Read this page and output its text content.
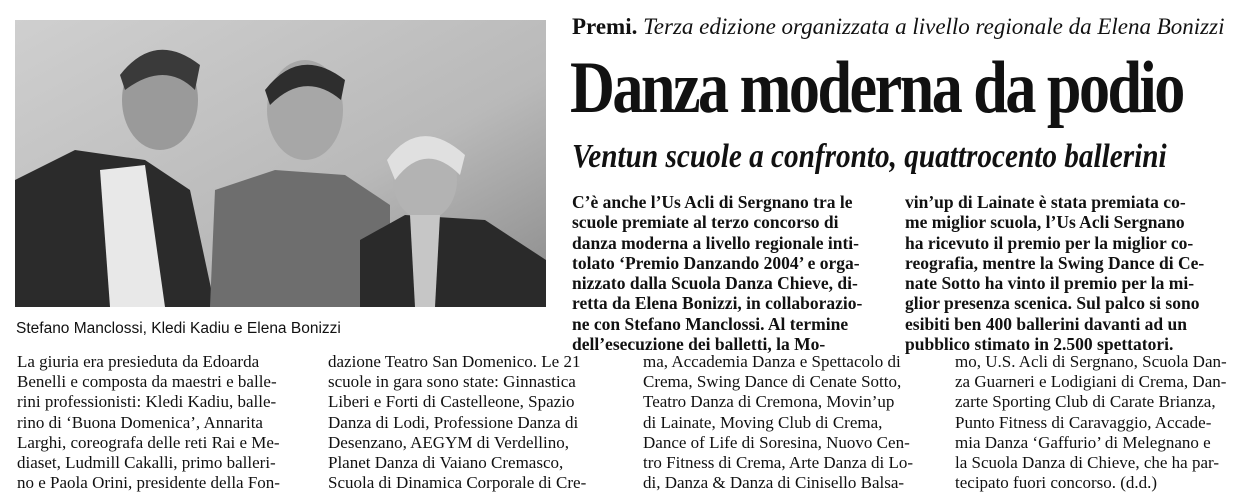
Stefano Manclossi, Kledi Kadiu e Elena Bonizzi
Premi. Terza edizione organizzata a livello regionale da Elena Bonizzi
Danza moderna da podio
Ventun scuole a confronto, quattrocento ballerini
C’è anche l’Us Acli di Sergnano tra le
scuole premiate al terzo concorso di
danza moderna a livello regionale inti-
tolato ‘Premio Danzando 2004’ e orga-
nizzato dalla Scuola Danza Chieve, di-
retta da Elena Bonizzi, in collaborazio-
ne con Stefano Manclossi. Al termine
dell’esecuzione dei balletti, la Mo-
vin’up di Lainate è stata premiata co-
me miglior scuola, l’Us Acli Sergnano
ha ricevuto il premio per la miglior co-
reografia, mentre la Swing Dance di Ce-
nate Sotto ha vinto il premio per la mi-
glior presenza scenica. Sul palco si sono
esibiti ben 400 ballerini davanti ad un
pubblico stimato in 2.500 spettatori.
La giuria era presieduta da Edoarda
Benelli e composta da maestri e balle-
rini professionisti: Kledi Kadiu, balle-
rino di ‘Buona Domenica’, Annarita
Larghi, coreografa delle reti Rai e Me-
diaset, Ludmill Cakalli, primo balleri-
no e Paola Orini, presidente della Fon-
dazione Teatro San Domenico. Le 21
scuole in gara sono state: Ginnastica
Liberi e Forti di Castelleone, Spazio
Danza di Lodi, Professione Danza di
Desenzano, AEGYM di Verdellino,
Planet Danza di Vaiano Cremasco,
Scuola di Dinamica Corporale di Cre-
ma, Accademia Danza e Spettacolo di
Crema, Swing Dance di Cenate Sotto,
Teatro Danza di Cremona, Movin’up
di Lainate, Moving Club di Crema,
Dance of Life di Soresina, Nuovo Cen-
tro Fitness di Crema, Arte Danza di Lo-
di, Danza & Danza di Cinisello Balsa-
mo, U.S. Acli di Sergnano, Scuola Dan-
za Guarneri e Lodigiani di Crema, Dan-
zarte Sporting Club di Carate Brianza,
Punto Fitness di Caravaggio, Accade-
mia Danza ‘Gaffurio’ di Melegnano e
la Scuola Danza di Chieve, che ha par-
tecipato fuori concorso. (d.d.)
